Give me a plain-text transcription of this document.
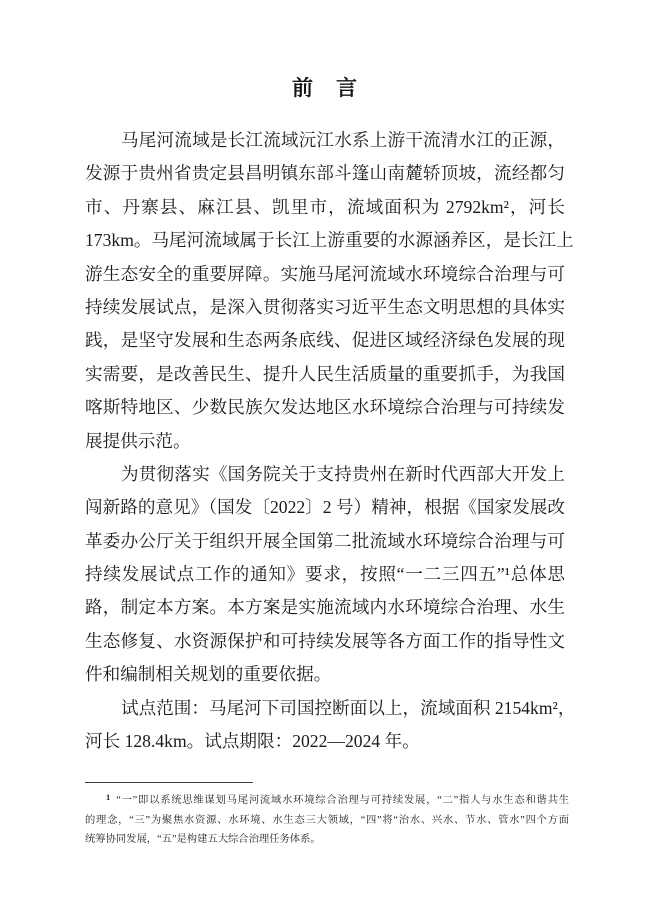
前　言
马尾河流域是长江流域沅江水系上游干流清水江的正源，
发源于贵州省贵定县昌明镇东部斗篷山南麓轿顶坡，流经都匀
市、丹寨县、麻江县、凯里市，流域面积为 2792km²，河长
173km。马尾河流域属于长江上游重要的水源涵养区，是长江上
游生态安全的重要屏障。实施马尾河流域水环境综合治理与可
持续发展试点，是深入贯彻落实习近平生态文明思想的具体实
践，是坚守发展和生态两条底线、促进区域经济绿色发展的现
实需要，是改善民生、提升人民生活质量的重要抓手，为我国
喀斯特地区、少数民族欠发达地区水环境综合治理与可持续发
展提供示范。
为贯彻落实《国务院关于支持贵州在新时代西部大开发上
闯新路的意见》（国发〔2022〕2 号）精神，根据《国家发展改
革委办公厅关于组织开展全国第二批流域水环境综合治理与可
持续发展试点工作的通知》要求，按照“一二三四五”¹总体思
路，制定本方案。本方案是实施流域内水环境综合治理、水生
生态修复、水资源保护和可持续发展等各方面工作的指导性文
件和编制相关规划的重要依据。
试点范围：马尾河下司国控断面以上，流域面积 2154km²，
河长 128.4km。试点期限：2022—2024 年。
$^1$ “一”即以系统思维谋划马尾河流域水环境综合治理与可持续发展，“二”指人与水生态和谐共生
的理念，“三”为聚焦水资源、水环境、水生态三大领域，“四”将“治水、兴水、节水、管水”四个方面
统筹协同发展，“五”是构建五大综合治理任务体系。
